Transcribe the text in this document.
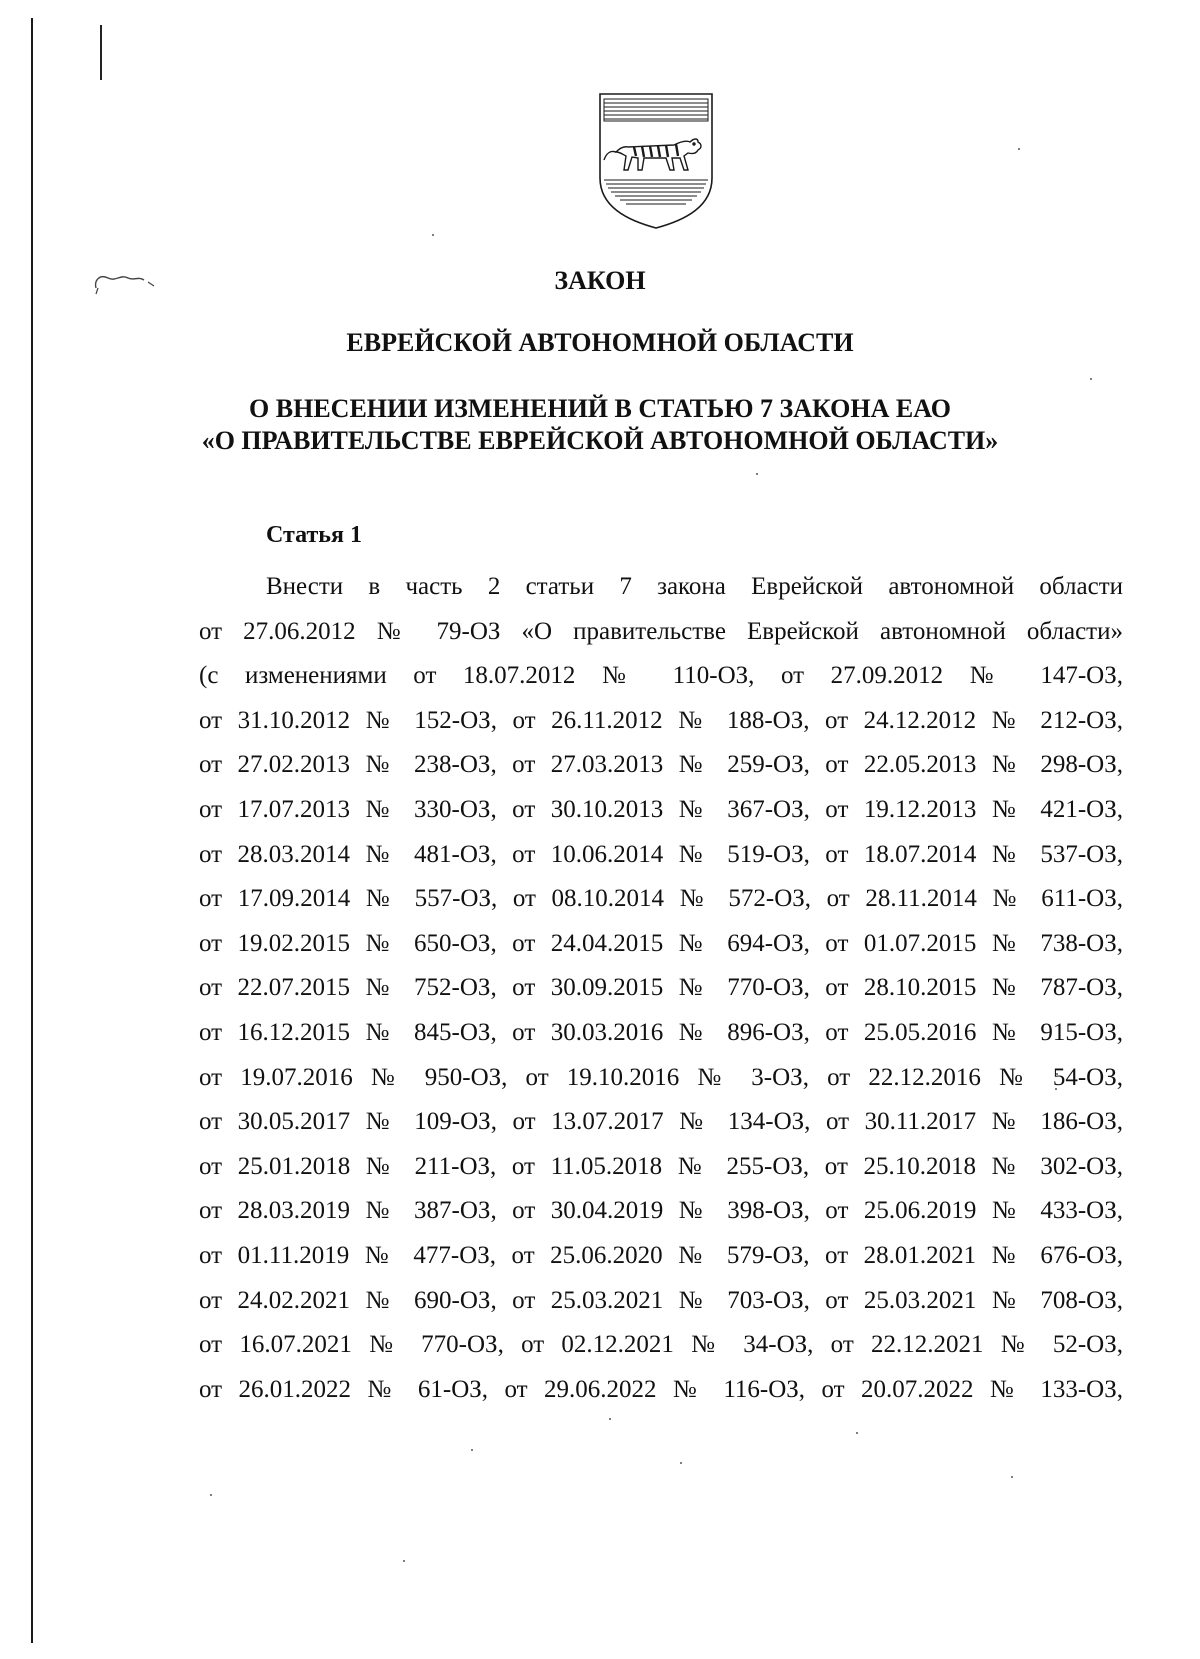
ЗАКОН
ЕВРЕЙСКОЙ АВТОНОМНОЙ ОБЛАСТИ
О ВНЕСЕНИИ ИЗМЕНЕНИЙ В СТАТЬЮ 7 ЗАКОНА ЕАО
«О ПРАВИТЕЛЬСТВЕ ЕВРЕЙСКОЙ АВТОНОМНОЙ ОБЛАСТИ»
Статья 1
Внести в часть 2 статьи 7 закона Еврейской автономной области
от 27.06.2012 № 79-ОЗ «О правительстве Еврейской автономной области»
(с изменениями от 18.07.2012 № 110-ОЗ, от 27.09.2012 № 147-ОЗ,
от 31.10.2012 № 152-ОЗ, от 26.11.2012 № 188-ОЗ, от 24.12.2012 № 212-ОЗ,
от 27.02.2013 № 238-ОЗ, от 27.03.2013 № 259-ОЗ, от 22.05.2013 № 298-ОЗ,
от 17.07.2013 № 330-ОЗ, от 30.10.2013 № 367-ОЗ, от 19.12.2013 № 421-ОЗ,
от 28.03.2014 № 481-ОЗ, от 10.06.2014 № 519-ОЗ, от 18.07.2014 № 537-ОЗ,
от 17.09.2014 № 557-ОЗ, от 08.10.2014 № 572-ОЗ, от 28.11.2014 № 611-ОЗ,
от 19.02.2015 № 650-ОЗ, от 24.04.2015 № 694-ОЗ, от 01.07.2015 № 738-ОЗ,
от 22.07.2015 № 752-ОЗ, от 30.09.2015 № 770-ОЗ, от 28.10.2015 № 787-ОЗ,
от 16.12.2015 № 845-ОЗ, от 30.03.2016 № 896-ОЗ, от 25.05.2016 № 915-ОЗ,
от 19.07.2016 № 950-ОЗ, от 19.10.2016 № 3-ОЗ, от 22.12.2016 № 54-ОЗ,
от 30.05.2017 № 109-ОЗ, от 13.07.2017 № 134-ОЗ, от 30.11.2017 № 186-ОЗ,
от 25.01.2018 № 211-ОЗ, от 11.05.2018 № 255-ОЗ, от 25.10.2018 № 302-ОЗ,
от 28.03.2019 № 387-ОЗ, от 30.04.2019 № 398-ОЗ, от 25.06.2019 № 433-ОЗ,
от 01.11.2019 № 477-ОЗ, от 25.06.2020 № 579-ОЗ, от 28.01.2021 № 676-ОЗ,
от 24.02.2021 № 690-ОЗ, от 25.03.2021 № 703-ОЗ, от 25.03.2021 № 708-ОЗ,
от 16.07.2021 № 770-ОЗ, от 02.12.2021 № 34-ОЗ, от 22.12.2021 № 52-ОЗ,
от 26.01.2022 № 61-ОЗ, от 29.06.2022 № 116-ОЗ, от 20.07.2022 № 133-ОЗ,
